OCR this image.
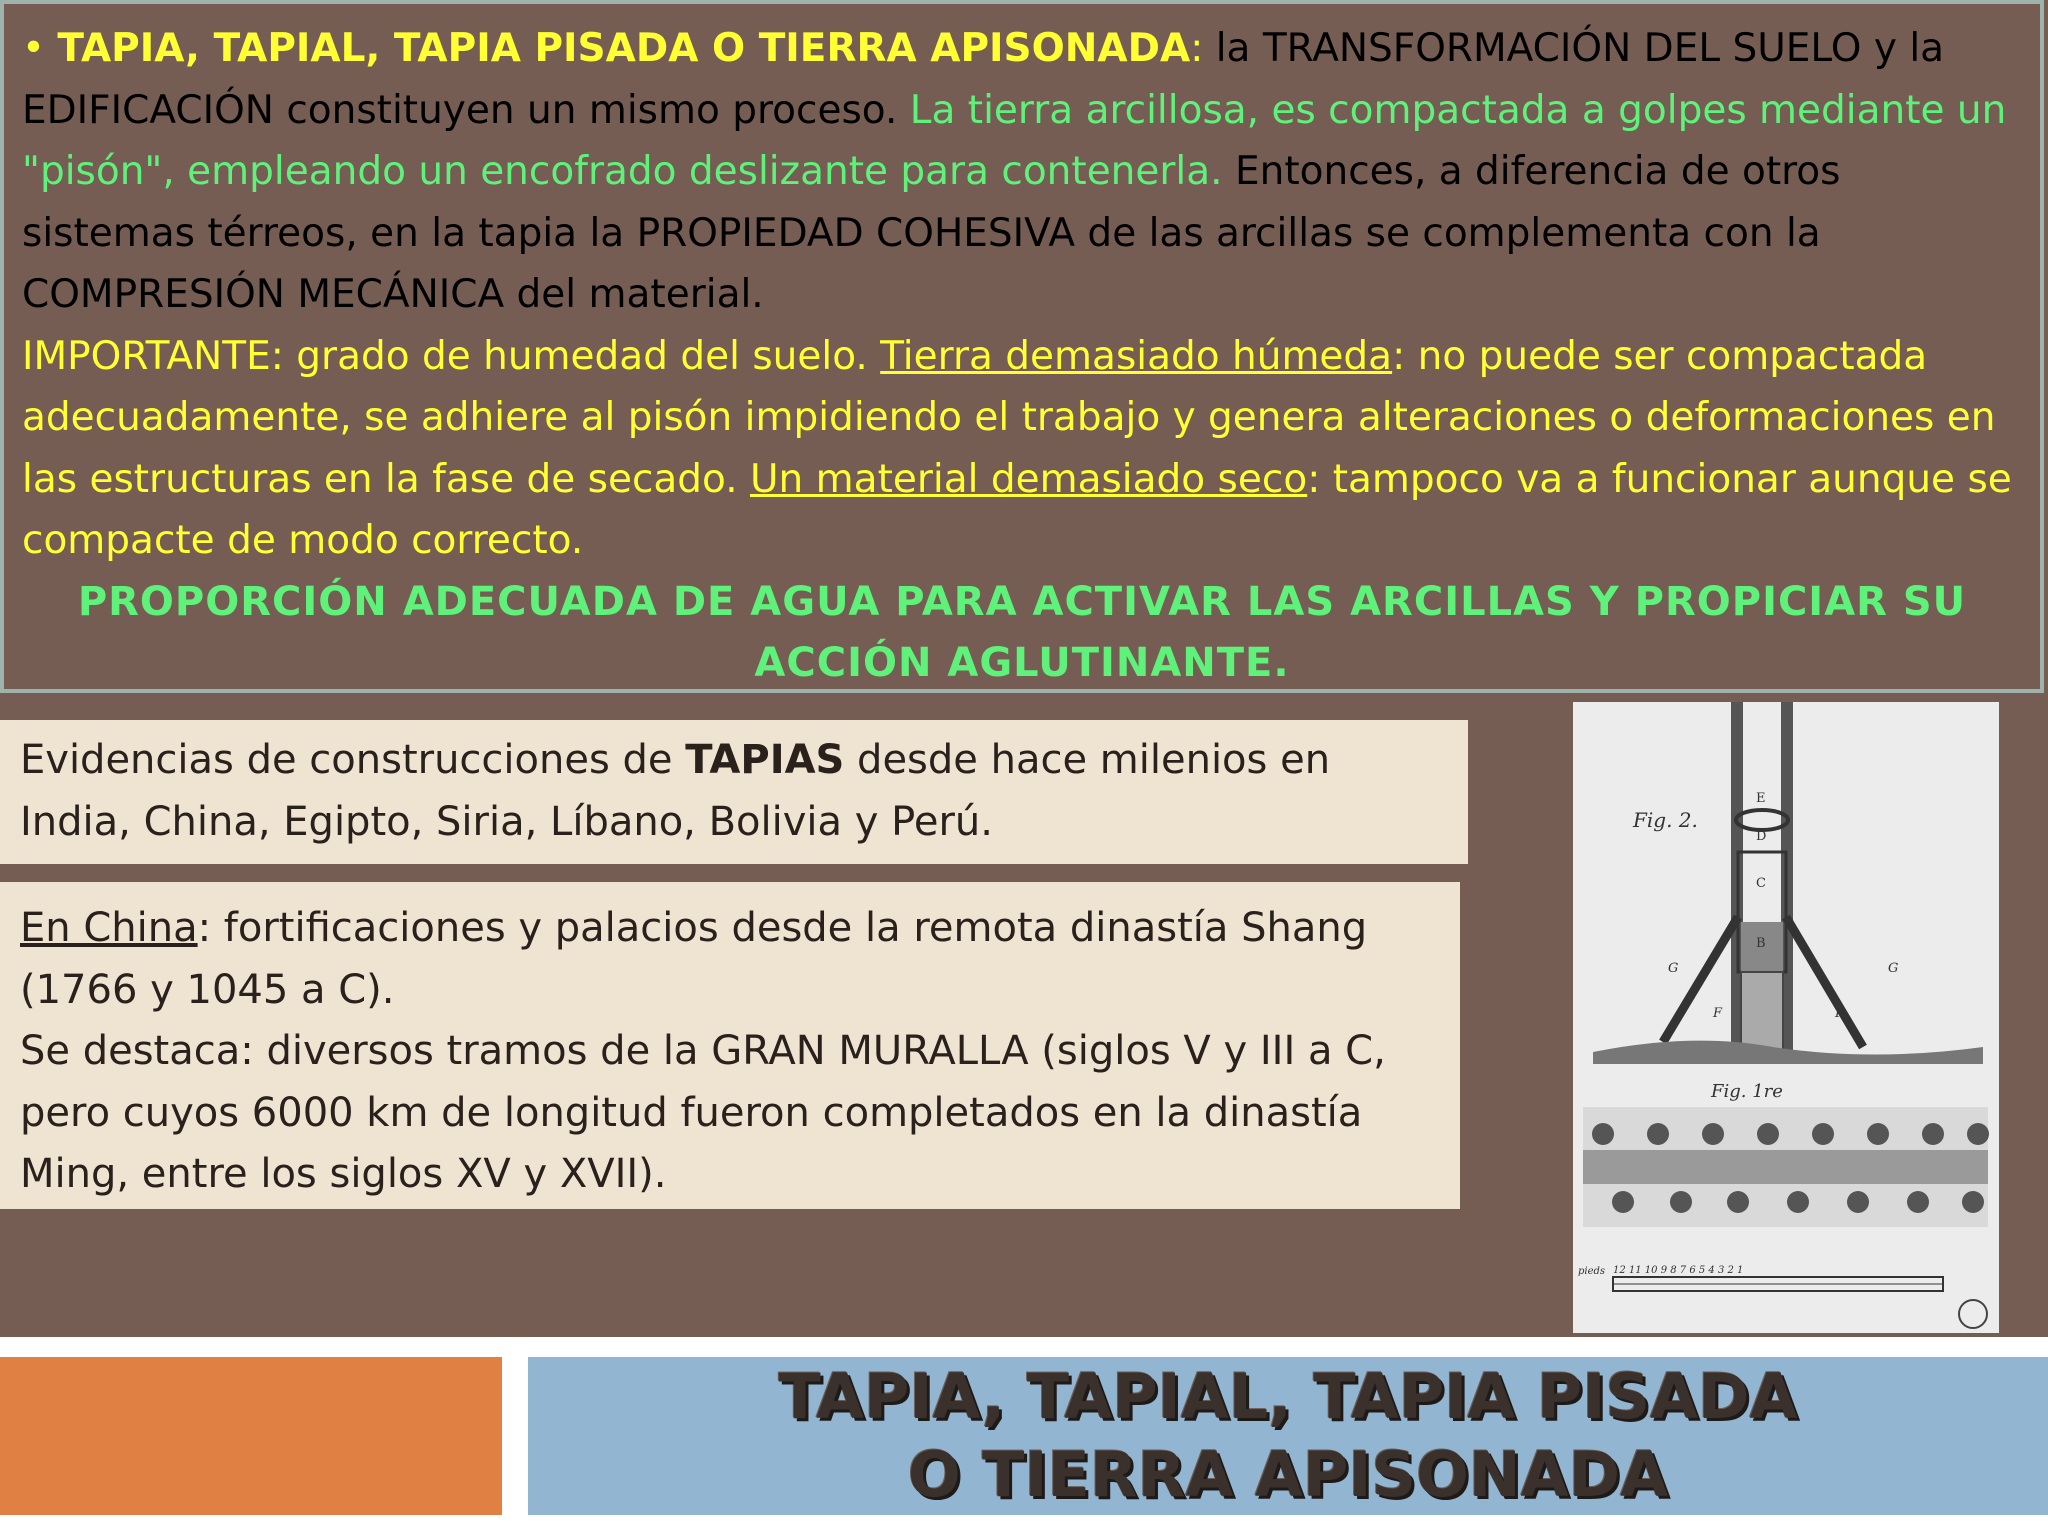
• TAPIA, TAPIAL, TAPIA PISADA O TIERRA APISONADA: la TRANSFORMACIÓN DEL SUELO y la EDIFICACIÓN constituyen un mismo proceso. La tierra arcillosa, es compactada a golpes mediante un "pisón", empleando un encofrado deslizante para contenerla. Entonces, a diferencia de otros sistemas térreos, en la tapia la PROPIEDAD COHESIVA de las arcillas se complementa con la COMPRESIÓN MECÁNICA del material.

IMPORTANTE: grado de humedad del suelo. Tierra demasiado húmeda: no puede ser compactada adecuadamente, se adhiere al pisón impidiendo el trabajo y genera alteraciones o deformaciones en las estructuras en la fase de secado. Un material demasiado seco: tampoco va a funcionar aunque se compacte de modo correcto.

PROPORCIÓN ADECUADA DE AGUA PARA ACTIVAR LAS ARCILLAS Y PROPICIAR SU ACCIÓN AGLUTINANTE.

Evidencias de construcciones de TAPIAS desde hace milenios en India, China, Egipto, Siria, Líbano, Bolivia y Perú.

En China: fortificaciones y palacios desde la remota dinastía Shang (1766 y 1045 a C).

Se destaca: diversos tramos de la GRAN MURALLA (siglos V y III a C, pero cuyos 6000 km de longitud fueron completados en la dinastía Ming, entre los siglos XV y XVII).

Fig. 2.
Fig. 1re
E
D
C
B
G	G
F	F
pieds 12 11 10 9 8 7 6 5 4 3 2 1
TAPIA, TAPIAL, TAPIA PISADA
O TIERRA APISONADA
